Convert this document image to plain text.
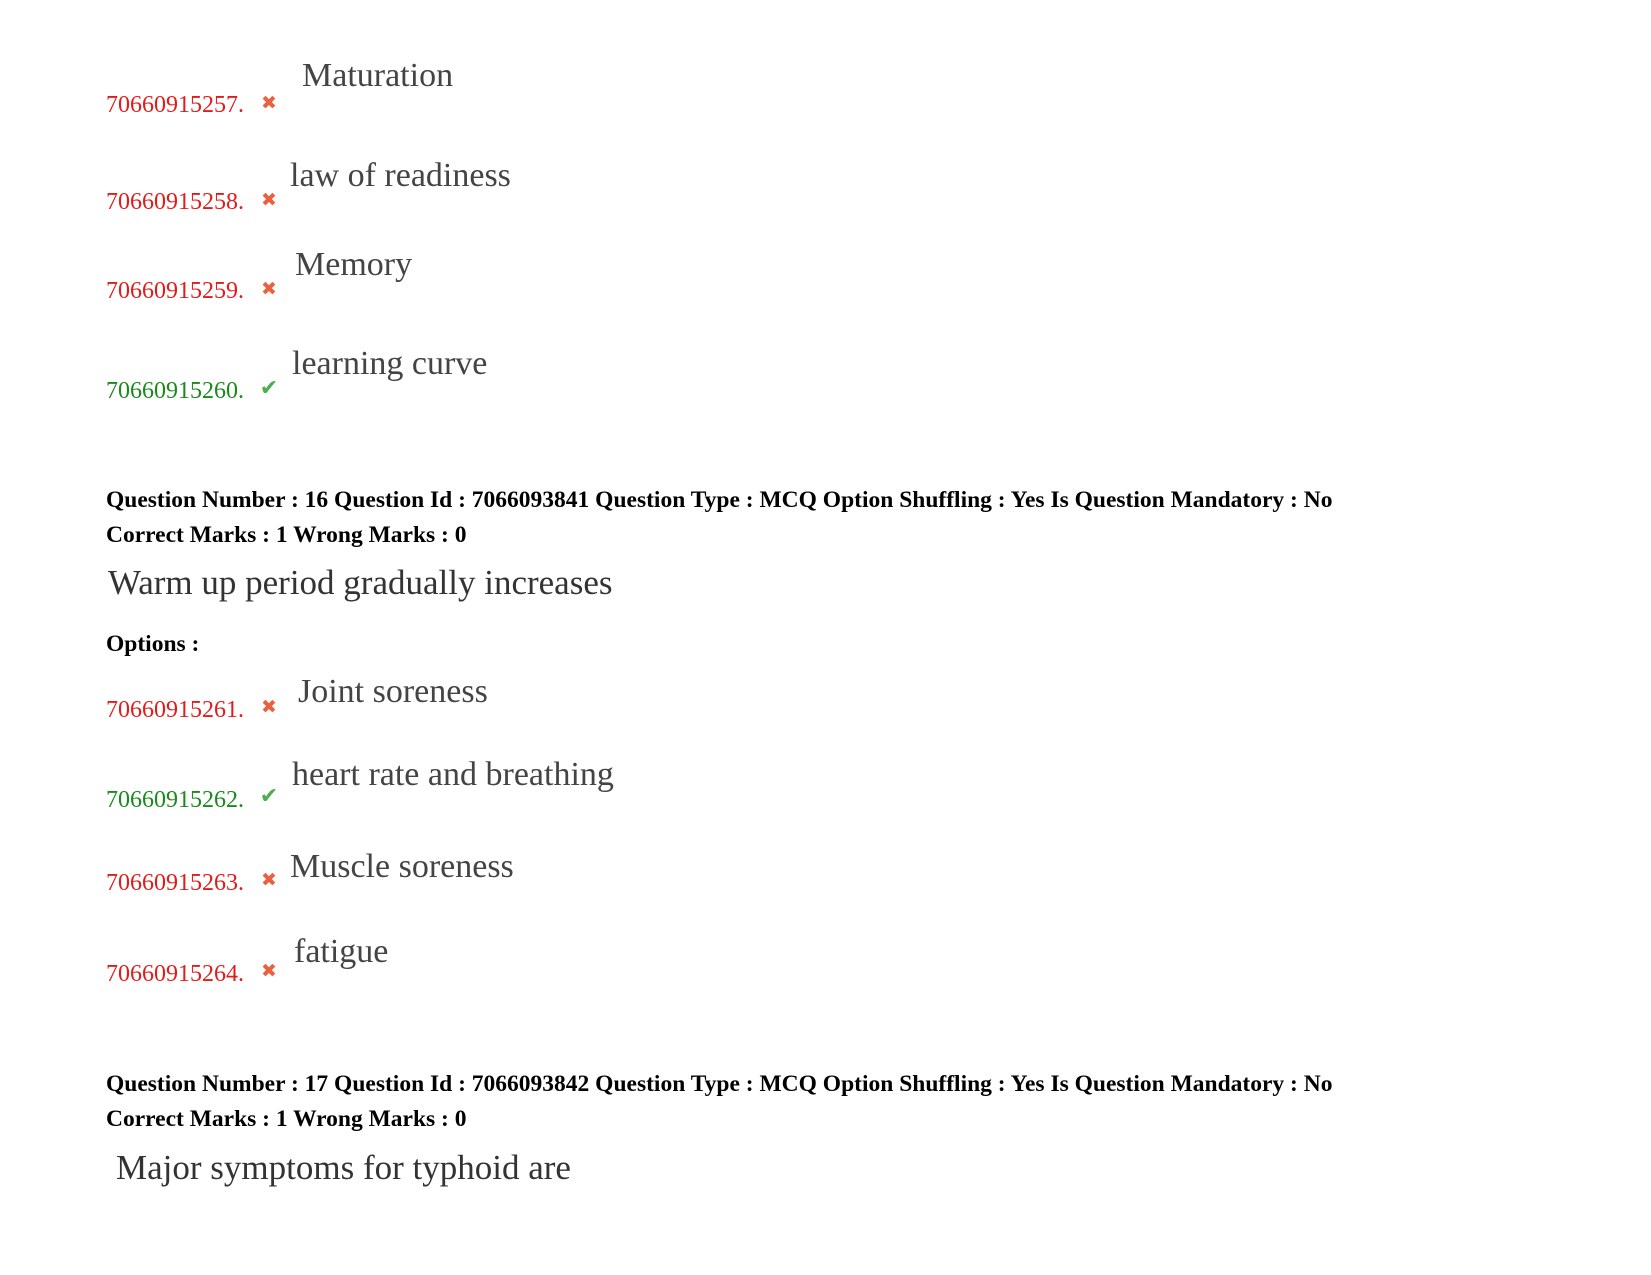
70660915257. ✖
Maturation
70660915258. ✖
law of readiness
70660915259. ✖
Memory
70660915260. ✔
learning curve
Question Number : 16 Question Id : 7066093841 Question Type : MCQ Option Shuffling : Yes Is Question Mandatory : No
Correct Marks : 1 Wrong Marks : 0
Warm up period gradually increases
Options :
70660915261. ✖ Joint soreness
70660915262. ✔
heart rate and breathing
70660915263. ✖ Muscle soreness
70660915264. ✖
fatigue
Question Number : 17 Question Id : 7066093842 Question Type : MCQ Option Shuffling : Yes Is Question Mandatory : No
Correct Marks : 1 Wrong Marks : 0
Major symptoms for typhoid are
